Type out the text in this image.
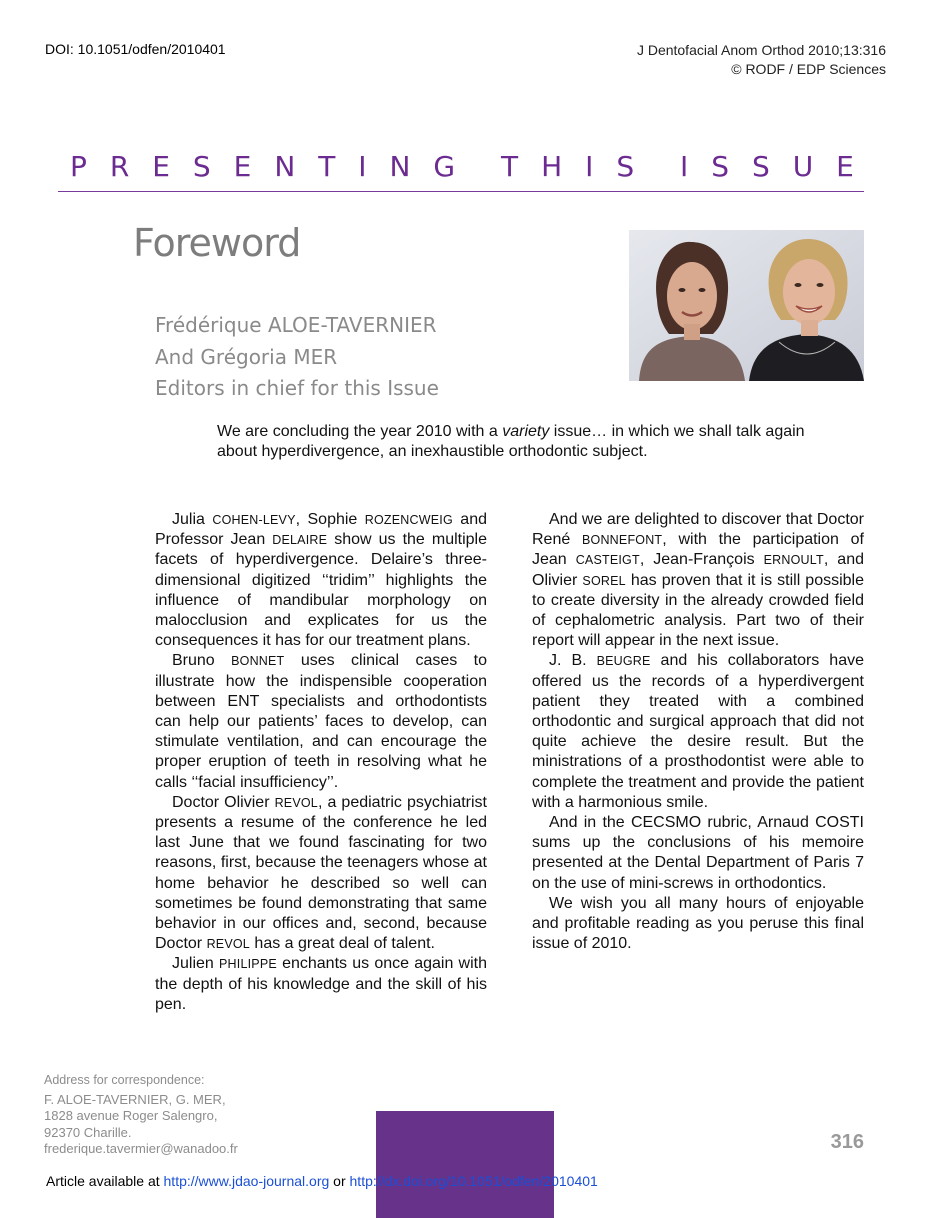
DOI: 10.1051/odfen/2010401	J Dentofacial Anom Orthod 2010;13:316
© RODF / EDP Sciences
P R E S E N T I N G T H I S I S S U E
Foreword
Frédérique ALOE-TAVERNIER
And Grégoria MER
Editors in chief for this Issue
We are concluding the year 2010 with a variety issue… in which we shall talk again about hyperdivergence, an inexhaustible orthodontic subject.

Julia COHEN-LEVY, Sophie ROZENCWEIG and Professor Jean DELAIRE show us the multiple facets of hyperdivergence. Delaire’s three-dimensional digitized ‘‘tridim’’ highlights the influence of mandibular morphology on malocclusion and explicates for us the consequences it has for our treatment plans.

Bruno BONNET uses clinical cases to illustrate how the indispensible cooperation between ENT specialists and orthodontists can help our patients’ faces to develop, can stimulate ventilation, and can encourage the proper eruption of teeth in resolving what he calls ‘‘facial insufficiency’’.

Doctor Olivier REVOL, a pediatric psychiatrist presents a resume of the conference he led last June that we found fascinating for two reasons, first, because the teenagers whose at home behavior he described so well can sometimes be found demonstrating that same behavior in our offices and, second, because Doctor REVOL has a great deal of talent.

Julien PHILIPPE enchants us once again with the depth of his knowledge and the skill of his pen.

And we are delighted to discover that Doctor René BONNEFONT, with the participation of Jean CASTEIGT, Jean-François ERNOULT, and Olivier SOREL has proven that it is still possible to create diversity in the already crowded field of cephalometric analysis. Part two of their report will appear in the next issue.

J. B. BEUGRE and his collaborators have offered us the records of a hyperdivergent patient they treated with a combined orthodontic and surgical approach that did not quite achieve the desire result. But the ministrations of a prosthodontist were able to complete the treatment and provide the patient with a harmonious smile.

And in the CECSMO rubric, Arnaud COSTI sums up the conclusions of his memoire presented at the Dental Department of Paris 7 on the use of mini-screws in orthodontics.

We wish you all many hours of enjoyable and profitable reading as you peruse this final issue of 2010.

Address for correspondence:
F. ALOE-TAVERNIER, G. MER,
1828 avenue Roger Salengro,
92370 Charille.
frederique.tavermier@wanadoo.fr	316
Article available at http://www.jdao-journal.org or http://dx.doi.org/10.1051/odfen/2010401
